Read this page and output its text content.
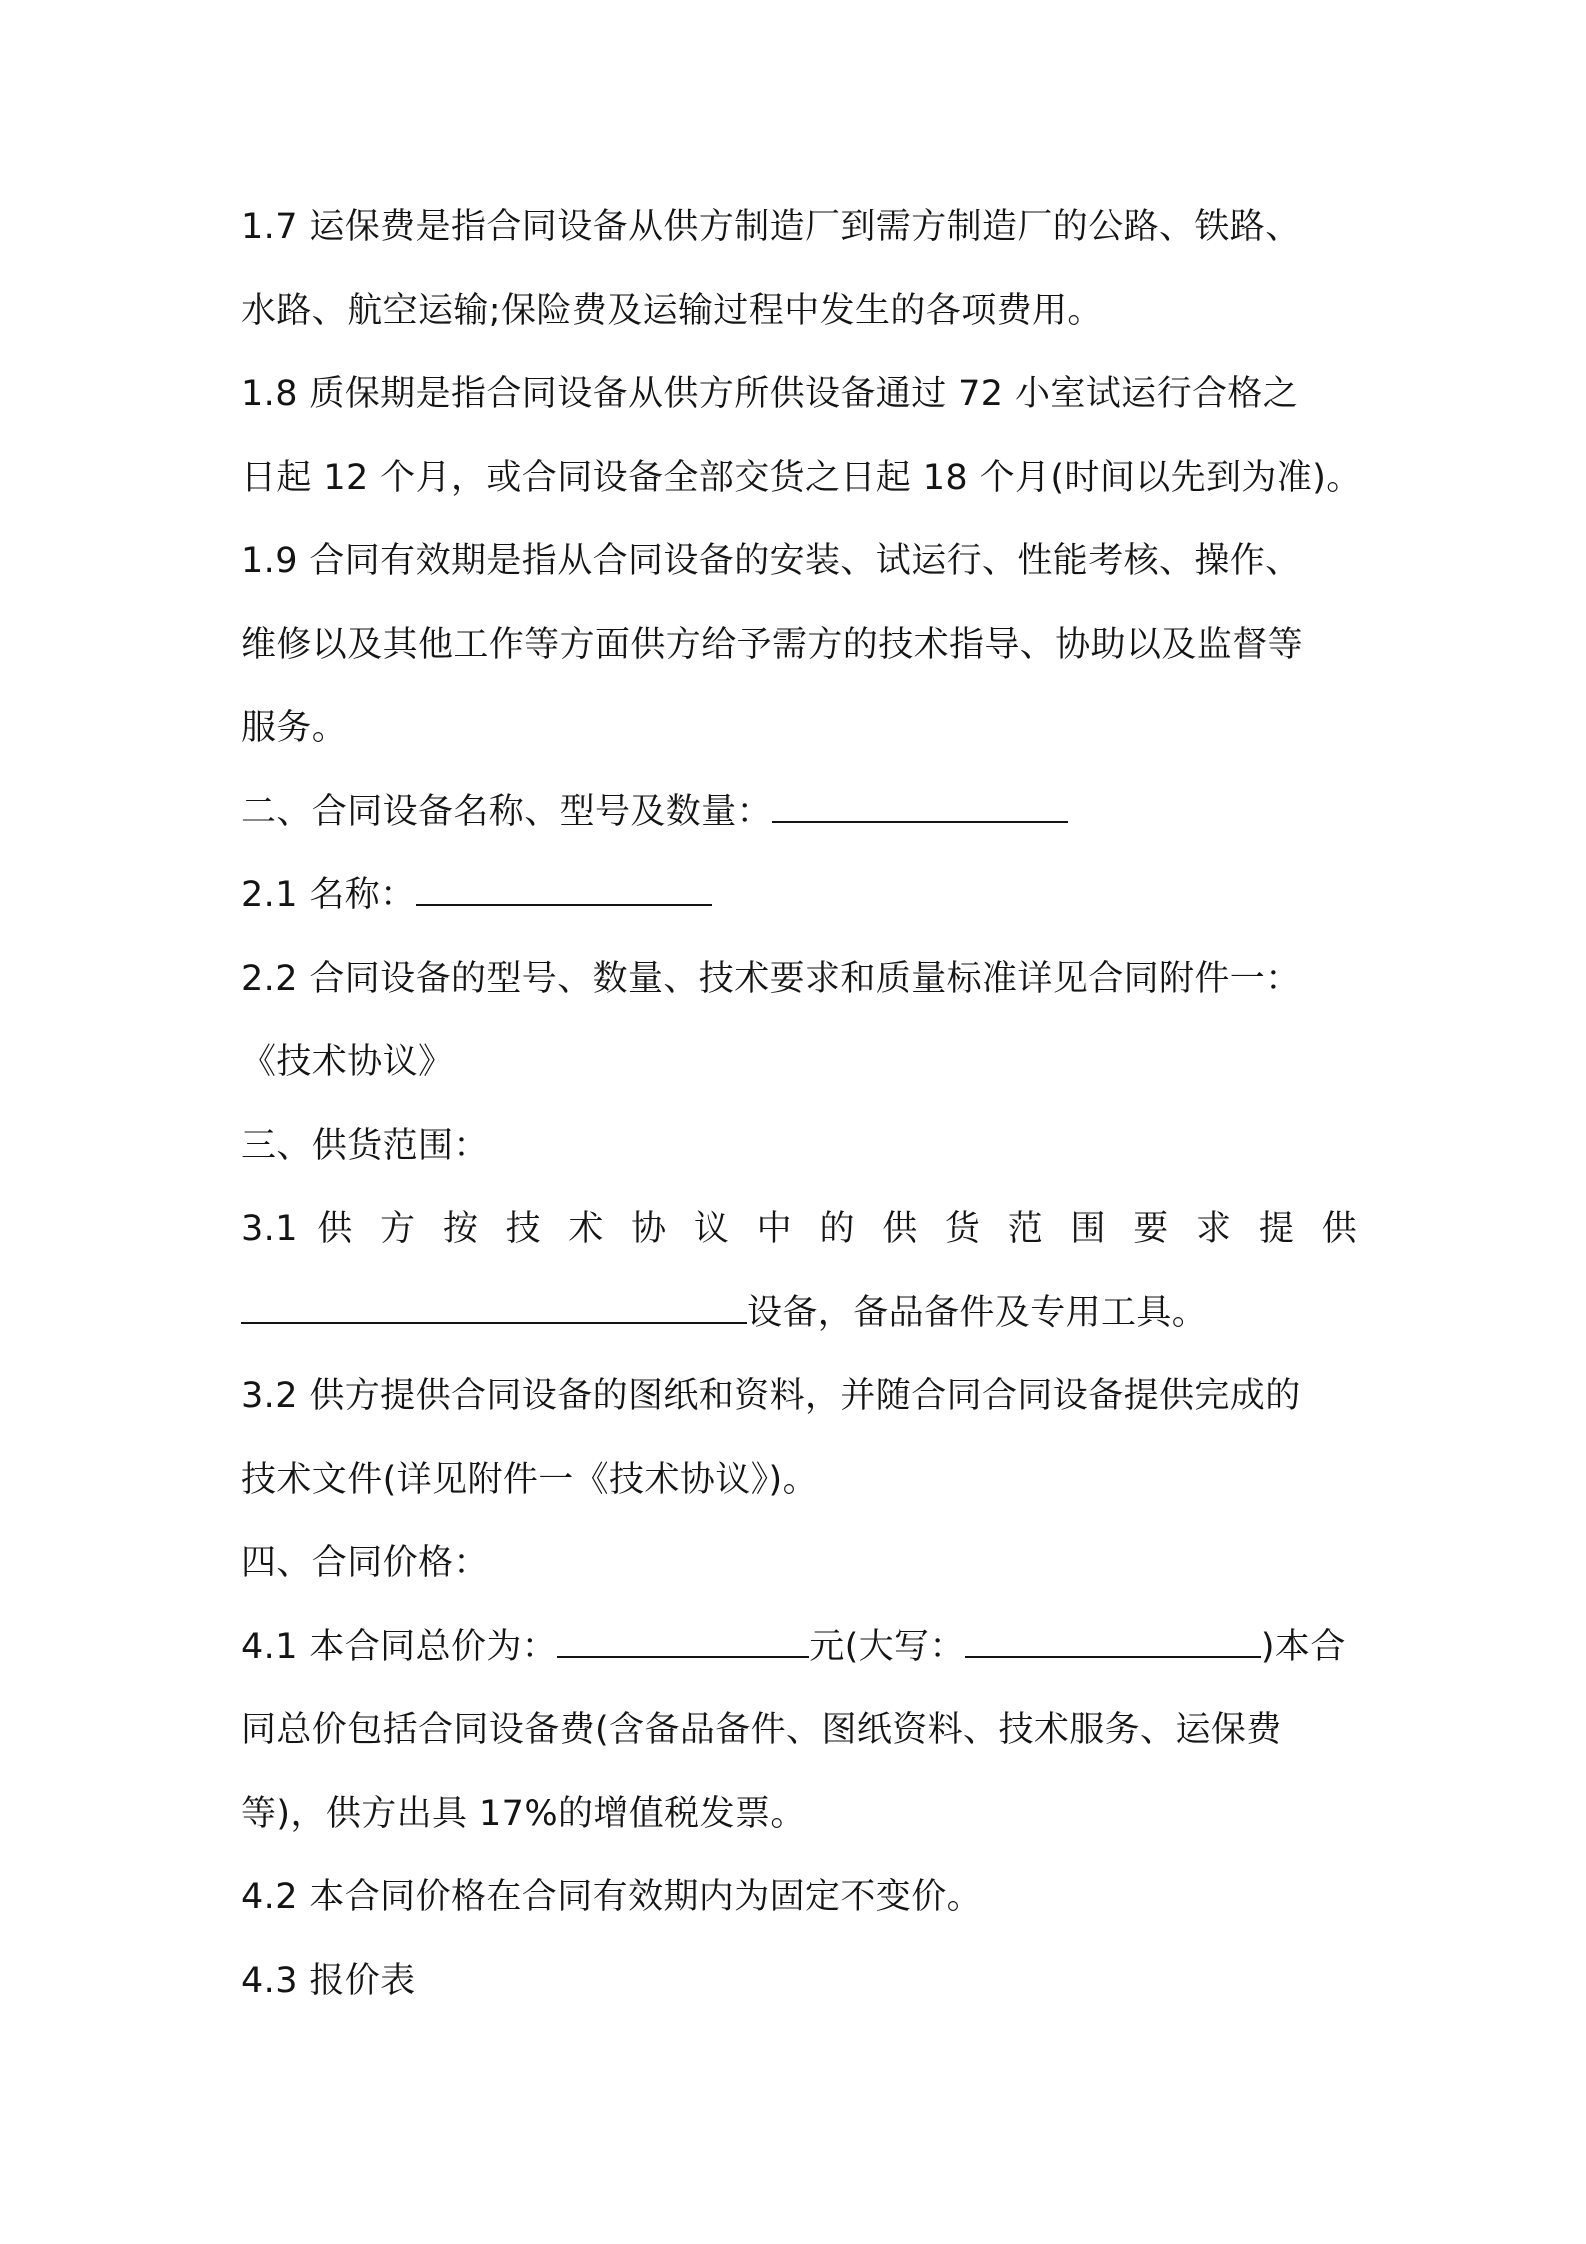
1.7 运保费是指合同设备从供方制造厂到需方制造厂的公路、铁路、
水路、航空运输;保险费及运输过程中发生的各项费用。
1.8 质保期是指合同设备从供方所供设备通过 72 小室试运行合格之
日起 12 个月，或合同设备全部交货之日起 18 个月(时间以先到为准)。
1.9 合同有效期是指从合同设备的安装、试运行、性能考核、操作、
维修以及其他工作等方面供方给予需方的技术指导、协助以及监督等
服务。
二、合同设备名称、型号及数量：
2.1 名称：
2.2 合同设备的型号、数量、技术要求和质量标准详见合同附件一：
《技术协议》
三、供货范围：
3.1 供 方 按 技 术 协 议 中 的 供 货 范 围 要 求 提 供
设备，备品备件及专用工具。
3.2 供方提供合同设备的图纸和资料，并随合同合同设备提供完成的
技术文件(详见附件一《技术协议》)。
四、合同价格：
4.1 本合同总价为：	元(大写：	)本合
同总价包括合同设备费(含备品备件、图纸资料、技术服务、运保费
等)，供方出具 17%的增值税发票。
4.2 本合同价格在合同有效期内为固定不变价。
4.3 报价表
